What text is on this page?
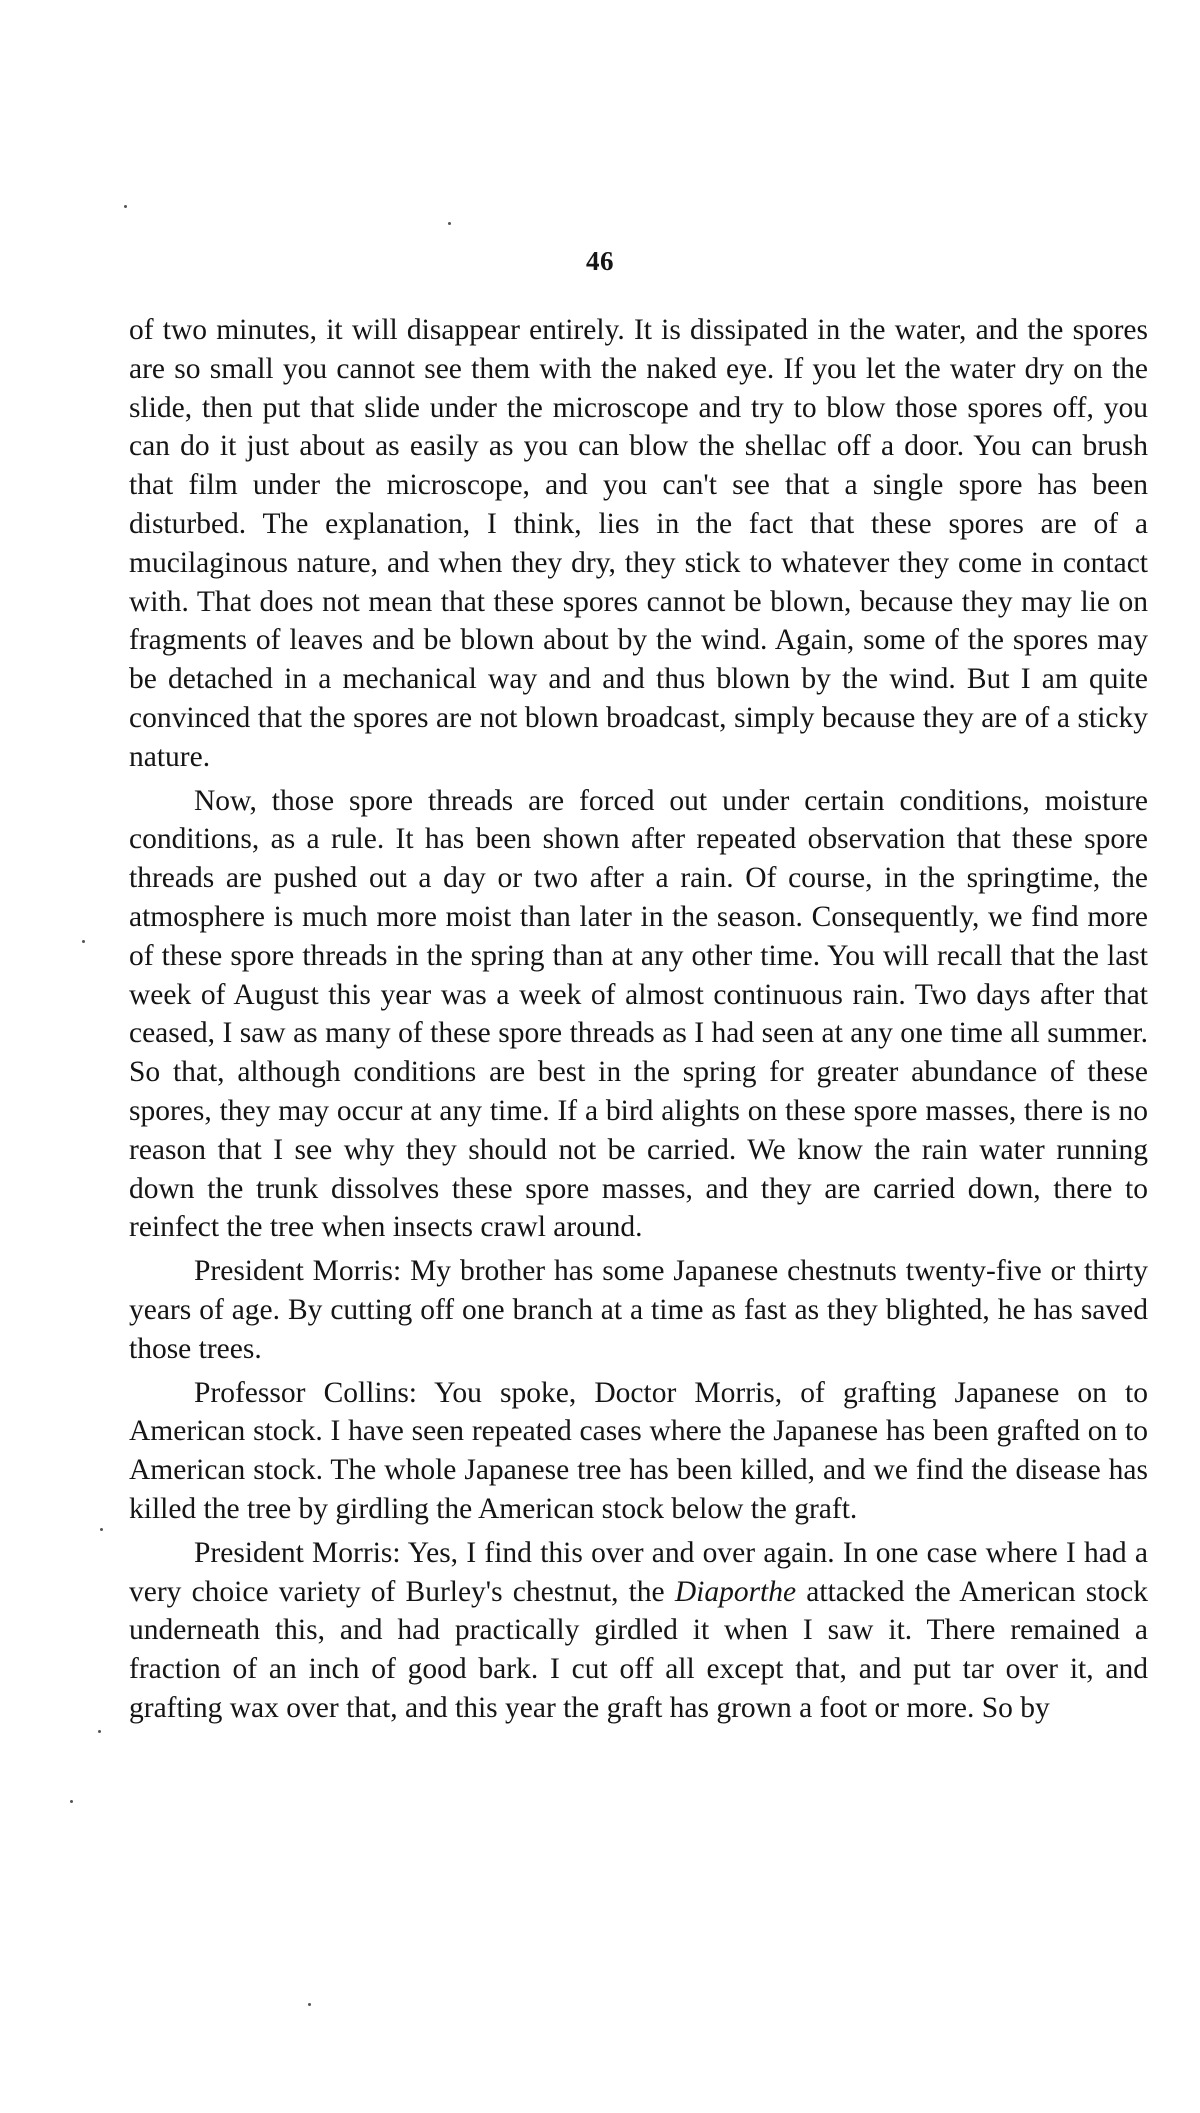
46

of two minutes, it will disappear entirely. It is dissipated in the water, and the spores are so small you cannot see them with the naked eye. If you let the water dry on the slide, then put that slide under the microscope and try to blow those spores off, you can do it just about as easily as you can blow the shellac off a door. You can brush that film under the microscope, and you can't see that a single spore has been disturbed. The explanation, I think, lies in the fact that these spores are of a mucilaginous nature, and when they dry, they stick to whatever they come in contact with. That does not mean that these spores cannot be blown, because they may lie on fragments of leaves and be blown about by the wind. Again, some of the spores may be detached in a mechanical way and and thus blown by the wind. But I am quite convinced that the spores are not blown broadcast, simply because they are of a sticky nature.

Now, those spore threads are forced out under certain conditions, moisture conditions, as a rule. It has been shown after repeated observation that these spore threads are pushed out a day or two after a rain. Of course, in the springtime, the atmosphere is much more moist than later in the season. Consequently, we find more of these spore threads in the spring than at any other time. You will recall that the last week of August this year was a week of almost continuous rain. Two days after that ceased, I saw as many of these spore threads as I had seen at any one time all summer. So that, although conditions are best in the spring for greater abundance of these spores, they may occur at any time. If a bird alights on these spore masses, there is no reason that I see why they should not be carried. We know the rain water running down the trunk dissolves these spore masses, and they are carried down, there to reinfect the tree when insects crawl around.

President Morris: My brother has some Japanese chestnuts twenty-five or thirty years of age. By cutting off one branch at a time as fast as they blighted, he has saved those trees.

Professor Collins: You spoke, Doctor Morris, of grafting Japanese on to American stock. I have seen repeated cases where the Japanese has been grafted on to American stock. The whole Japanese tree has been killed, and we find the disease has killed the tree by girdling the American stock below the graft.

President Morris: Yes, I find this over and over again. In one case where I had a very choice variety of Burley's chestnut, the Diaporthe attacked the American stock underneath this, and had practically girdled it when I saw it. There remained a fraction of an inch of good bark. I cut off all except that, and put tar over it, and grafting wax over that, and this year the graft has grown a foot or more. So by
